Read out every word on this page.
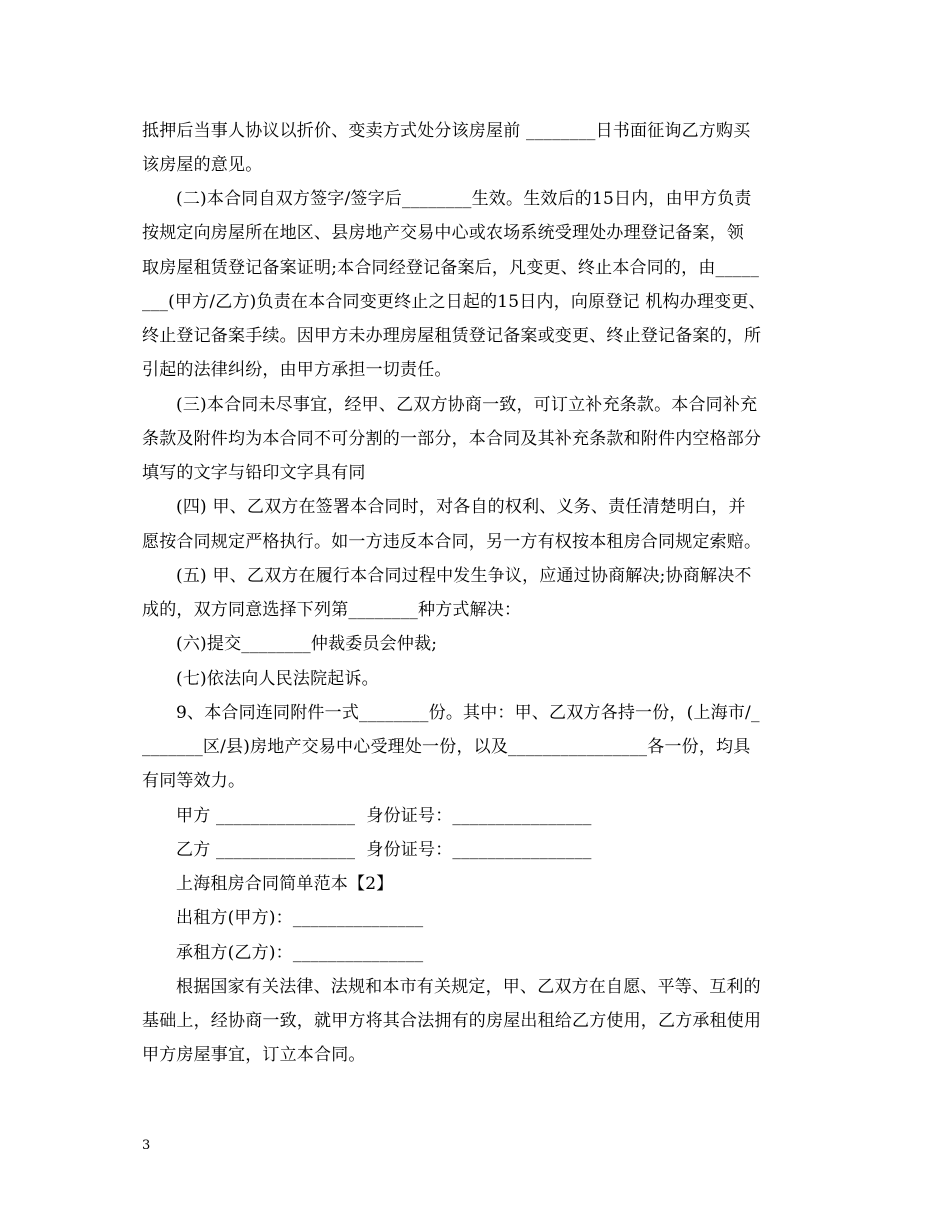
抵押后当事人协议以折价、变卖方式处分该房屋前 ________日书面征询乙方购买
该房屋的意见。
(二)本合同自双方签字/签字后________生效。生效后的15日内，由甲方负责
按规定向房屋所在地区、县房地产交易中心或农场系统受理处办理登记备案，领
取房屋租赁登记备案证明;本合同经登记备案后，凡变更、终止本合同的，由_____
___(甲方/乙方)负责在本合同变更终止之日起的15日内，向原登记 机构办理变更、
终止登记备案手续。因甲方未办理房屋租赁登记备案或变更、终止登记备案的，所
引起的法律纠纷，由甲方承担一切责任。
(三)本合同未尽事宜，经甲、乙双方协商一致，可订立补充条款。本合同补充
条款及附件均为本合同不可分割的一部分，本合同及其补充条款和附件内空格部分
填写的文字与铅印文字具有同
(四) 甲、乙双方在签署本合同时，对各自的权利、义务、责任清楚明白，并
愿按合同规定严格执行。如一方违反本合同，另一方有权按本租房合同规定索赔。
(五) 甲、乙双方在履行本合同过程中发生争议，应通过协商解决;协商解决不
成的，双方同意选择下列第________种方式解决：
(六)提交________仲裁委员会仲裁;
(七)依法向人民法院起诉。
9、本合同连同附件一式________份。其中：甲、乙双方各持一份，(上海市/_
_______区/县)房地产交易中心受理处一份，以及________________各一份，均具
有同等效力。
甲方 ________________  身份证号：________________
乙方 ________________  身份证号：________________
上海租房合同简单范本【2】
出租方(甲方)：_______________
承租方(乙方)：_______________
根据国家有关法律、法规和本市有关规定，甲、乙双方在自愿、平等、互利的
基础上，经协商一致，就甲方将其合法拥有的房屋出租给乙方使用，乙方承租使用
甲方房屋事宜，订立本合同。
3
